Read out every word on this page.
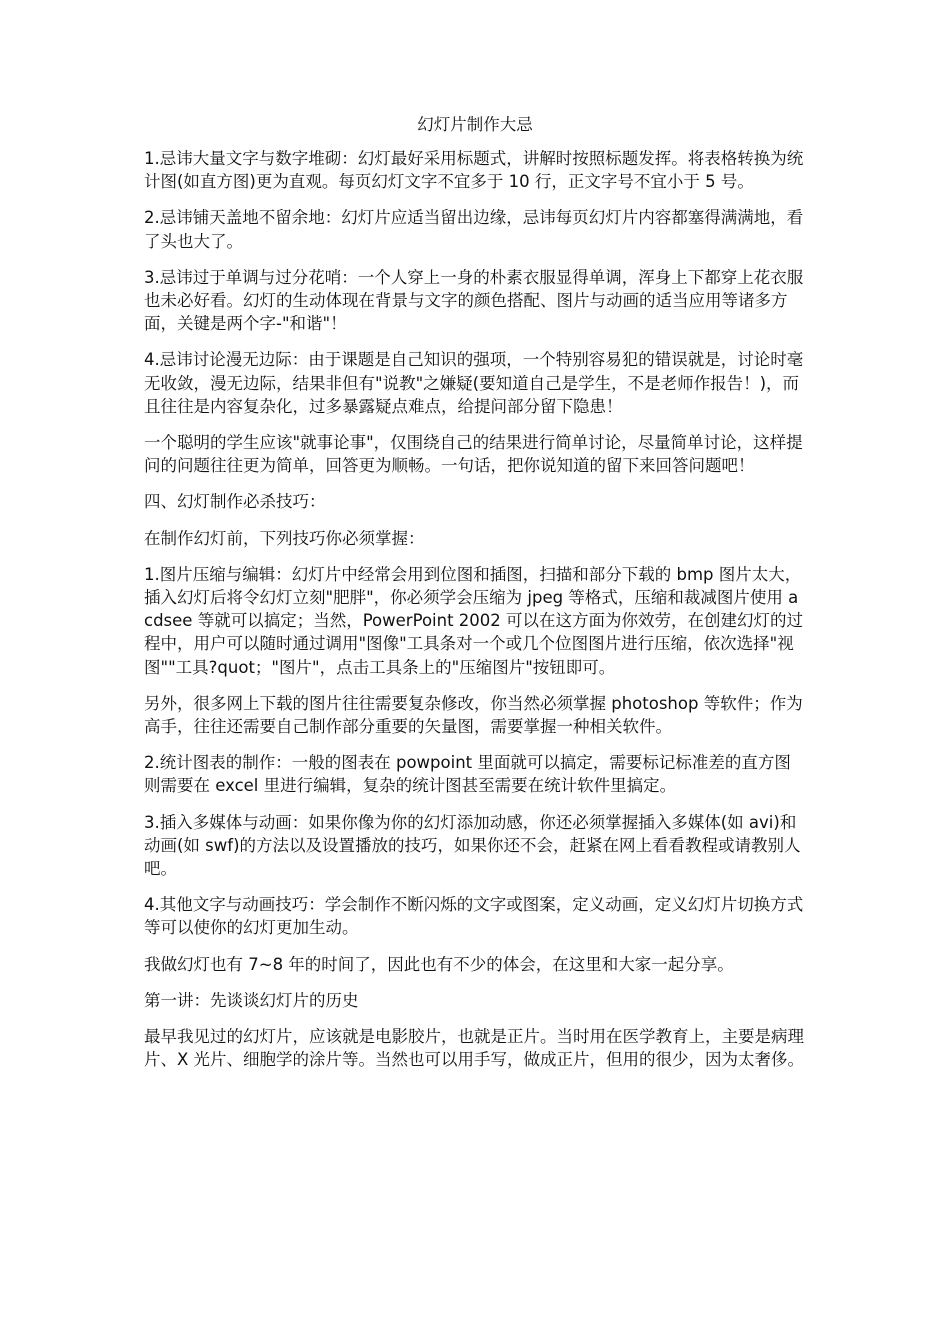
幻灯片制作大忌

1.忌讳大量文字与数字堆砌：幻灯最好采用标题式，讲解时按照标题发挥。将表格转换为统计图(如直方图)更为直观。每页幻灯文字不宜多于 10 行，正文字号不宜小于 5 号。

2.忌讳铺天盖地不留余地：幻灯片应适当留出边缘，忌讳每页幻灯片内容都塞得满满地，看了头也大了。

3.忌讳过于单调与过分花哨：一个人穿上一身的朴素衣服显得单调，浑身上下都穿上花衣服也未必好看。幻灯的生动体现在背景与文字的颜色搭配、图片与动画的适当应用等诸多方面，关键是两个字-"和谐"！

4.忌讳讨论漫无边际：由于课题是自己知识的强项，一个特别容易犯的错误就是，讨论时毫无收敛，漫无边际，结果非但有"说教"之嫌疑(要知道自己是学生，不是老师作报告！)，而且往往是内容复杂化，过多暴露疑点难点，给提问部分留下隐患！

一个聪明的学生应该"就事论事"，仅围绕自己的结果进行简单讨论，尽量简单讨论，这样提问的问题往往更为简单，回答更为顺畅。一句话，把你说知道的留下来回答问题吧！

四、幻灯制作必杀技巧：

在制作幻灯前，下列技巧你必须掌握：

1.图片压缩与编辑：幻灯片中经常会用到位图和插图，扫描和部分下载的 bmp 图片太大，插入幻灯后将令幻灯立刻"肥胖"，你必须学会压缩为 jpeg 等格式，压缩和裁减图片使用 acdsee 等就可以搞定；当然，PowerPoint 2002 可以在这方面为你效劳，在创建幻灯的过程中，用户可以随时通过调用"图像"工具条对一个或几个位图图片进行压缩，依次选择"视图""工具?quot；"图片"，点击工具条上的"压缩图片"按钮即可。

另外，很多网上下载的图片往往需要复杂修改，你当然必须掌握 photoshop 等软件；作为高手，往往还需要自己制作部分重要的矢量图，需要掌握一种相关软件。

2.统计图表的制作：一般的图表在 powpoint 里面就可以搞定，需要标记标准差的直方图则需要在 excel 里进行编辑，复杂的统计图甚至需要在统计软件里搞定。

3.插入多媒体与动画：如果你像为你的幻灯添加动感，你还必须掌握插入多媒体(如 avi)和动画(如 swf)的方法以及设置播放的技巧，如果你还不会，赶紧在网上看看教程或请教别人吧。

4.其他文字与动画技巧：学会制作不断闪烁的文字或图案，定义动画，定义幻灯片切换方式等可以使你的幻灯更加生动。

我做幻灯也有 7~8 年的时间了，因此也有不少的体会，在这里和大家一起分享。

第一讲：先谈谈幻灯片的历史

最早我见过的幻灯片，应该就是电影胶片，也就是正片。当时用在医学教育上，主要是病理片、X 光片、细胞学的涂片等。当然也可以用手写，做成正片，但用的很少，因为太奢侈。
